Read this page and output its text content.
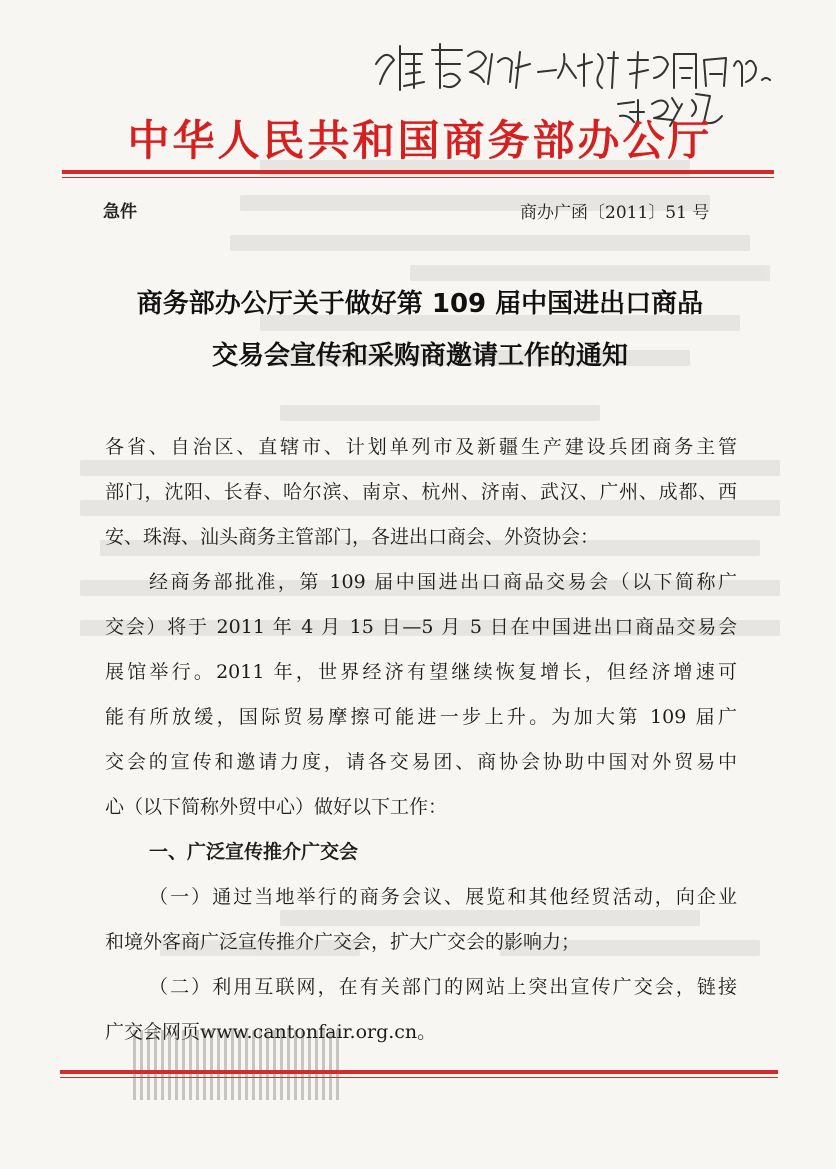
中华人民共和国商务部办公厅
急件	商办广函〔2011〕51 号
商务部办公厅关于做好第 109 届中国进出口商品
交易会宣传和采购商邀请工作的通知
各省、自治区、直辖市、计划单列市及新疆生产建设兵团商务主管
部门，沈阳、长春、哈尔滨、南京、杭州、济南、武汉、广州、成都、西
安、珠海、汕头商务主管部门，各进出口商会、外资协会：
经商务部批准，第 109 届中国进出口商品交易会（以下简称广
交会）将于 2011 年 4 月 15 日—5 月 5 日在中国进出口商品交易会
展馆举行。2011 年，世界经济有望继续恢复增长，但经济增速可
能有所放缓，国际贸易摩擦可能进一步上升。为加大第 109 届广
交会的宣传和邀请力度，请各交易团、商协会协助中国对外贸易中
心（以下简称外贸中心）做好以下工作：
一、广泛宣传推介广交会
（一）通过当地举行的商务会议、展览和其他经贸活动，向企业
和境外客商广泛宣传推介广交会，扩大广交会的影响力；
（二）利用互联网，在有关部门的网站上突出宣传广交会，链接
广交会网页www.cantonfair.org.cn。
